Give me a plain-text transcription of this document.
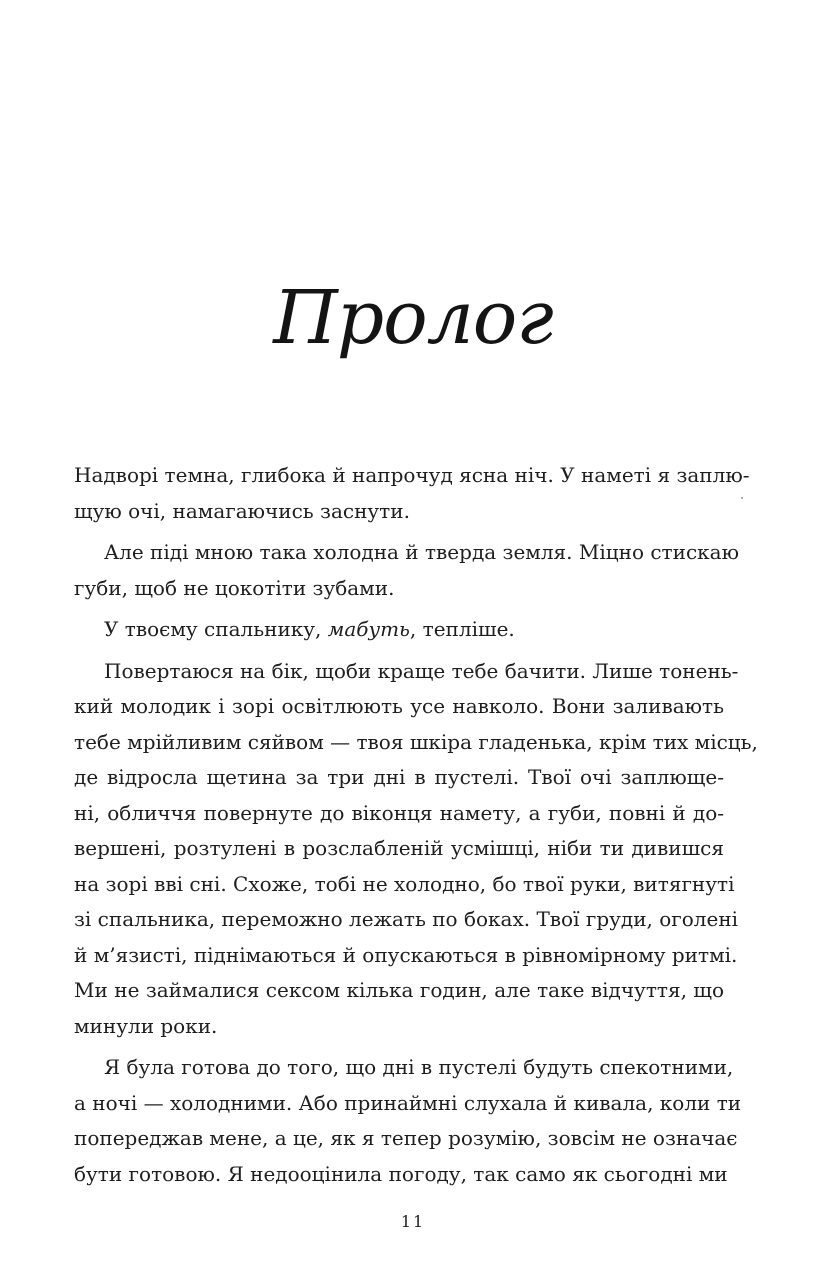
Пролог
Надворі темна, глибока й напрочуд ясна ніч. У наметі я заплю-
щую очі, намагаючись заснути.
Але піді мною така холодна й тверда земля. Міцно стискаю
губи, щоб не цокотіти зубами.
У твоєму спальнику, мабуть, тепліше.
Повертаюся на бік, щоби краще тебе бачити. Лише тонень-
кий молодик і зорі освітлюють усе навколо. Вони заливають
тебе мрійливим сяйвом — твоя шкіра гладенька, крім тих місць,
де відросла щетина за три дні в пустелі. Твої очі заплюще-
ні, обличчя повернуте до віконця намету, а губи, повні й до-
вершені, розтулені в розслабленій усмішці, ніби ти дивишся
на зорі вві сні. Схоже, тобі не холодно, бо твої руки, витягнуті
зі спальника, переможно лежать по боках. Твої груди, оголені
й м’язисті, піднімаються й опускаються в рівномірному ритмі.
Ми не займалися сексом кілька годин, але таке відчуття, що
минули роки.
Я була готова до того, що дні в пустелі будуть спекотними,
а ночі — холодними. Або принаймні слухала й кивала, коли ти
попереджав мене, а це, як я тепер розумію, зовсім не означає
бути готовою. Я недооцінила погоду, так само як сьогодні ми
11
